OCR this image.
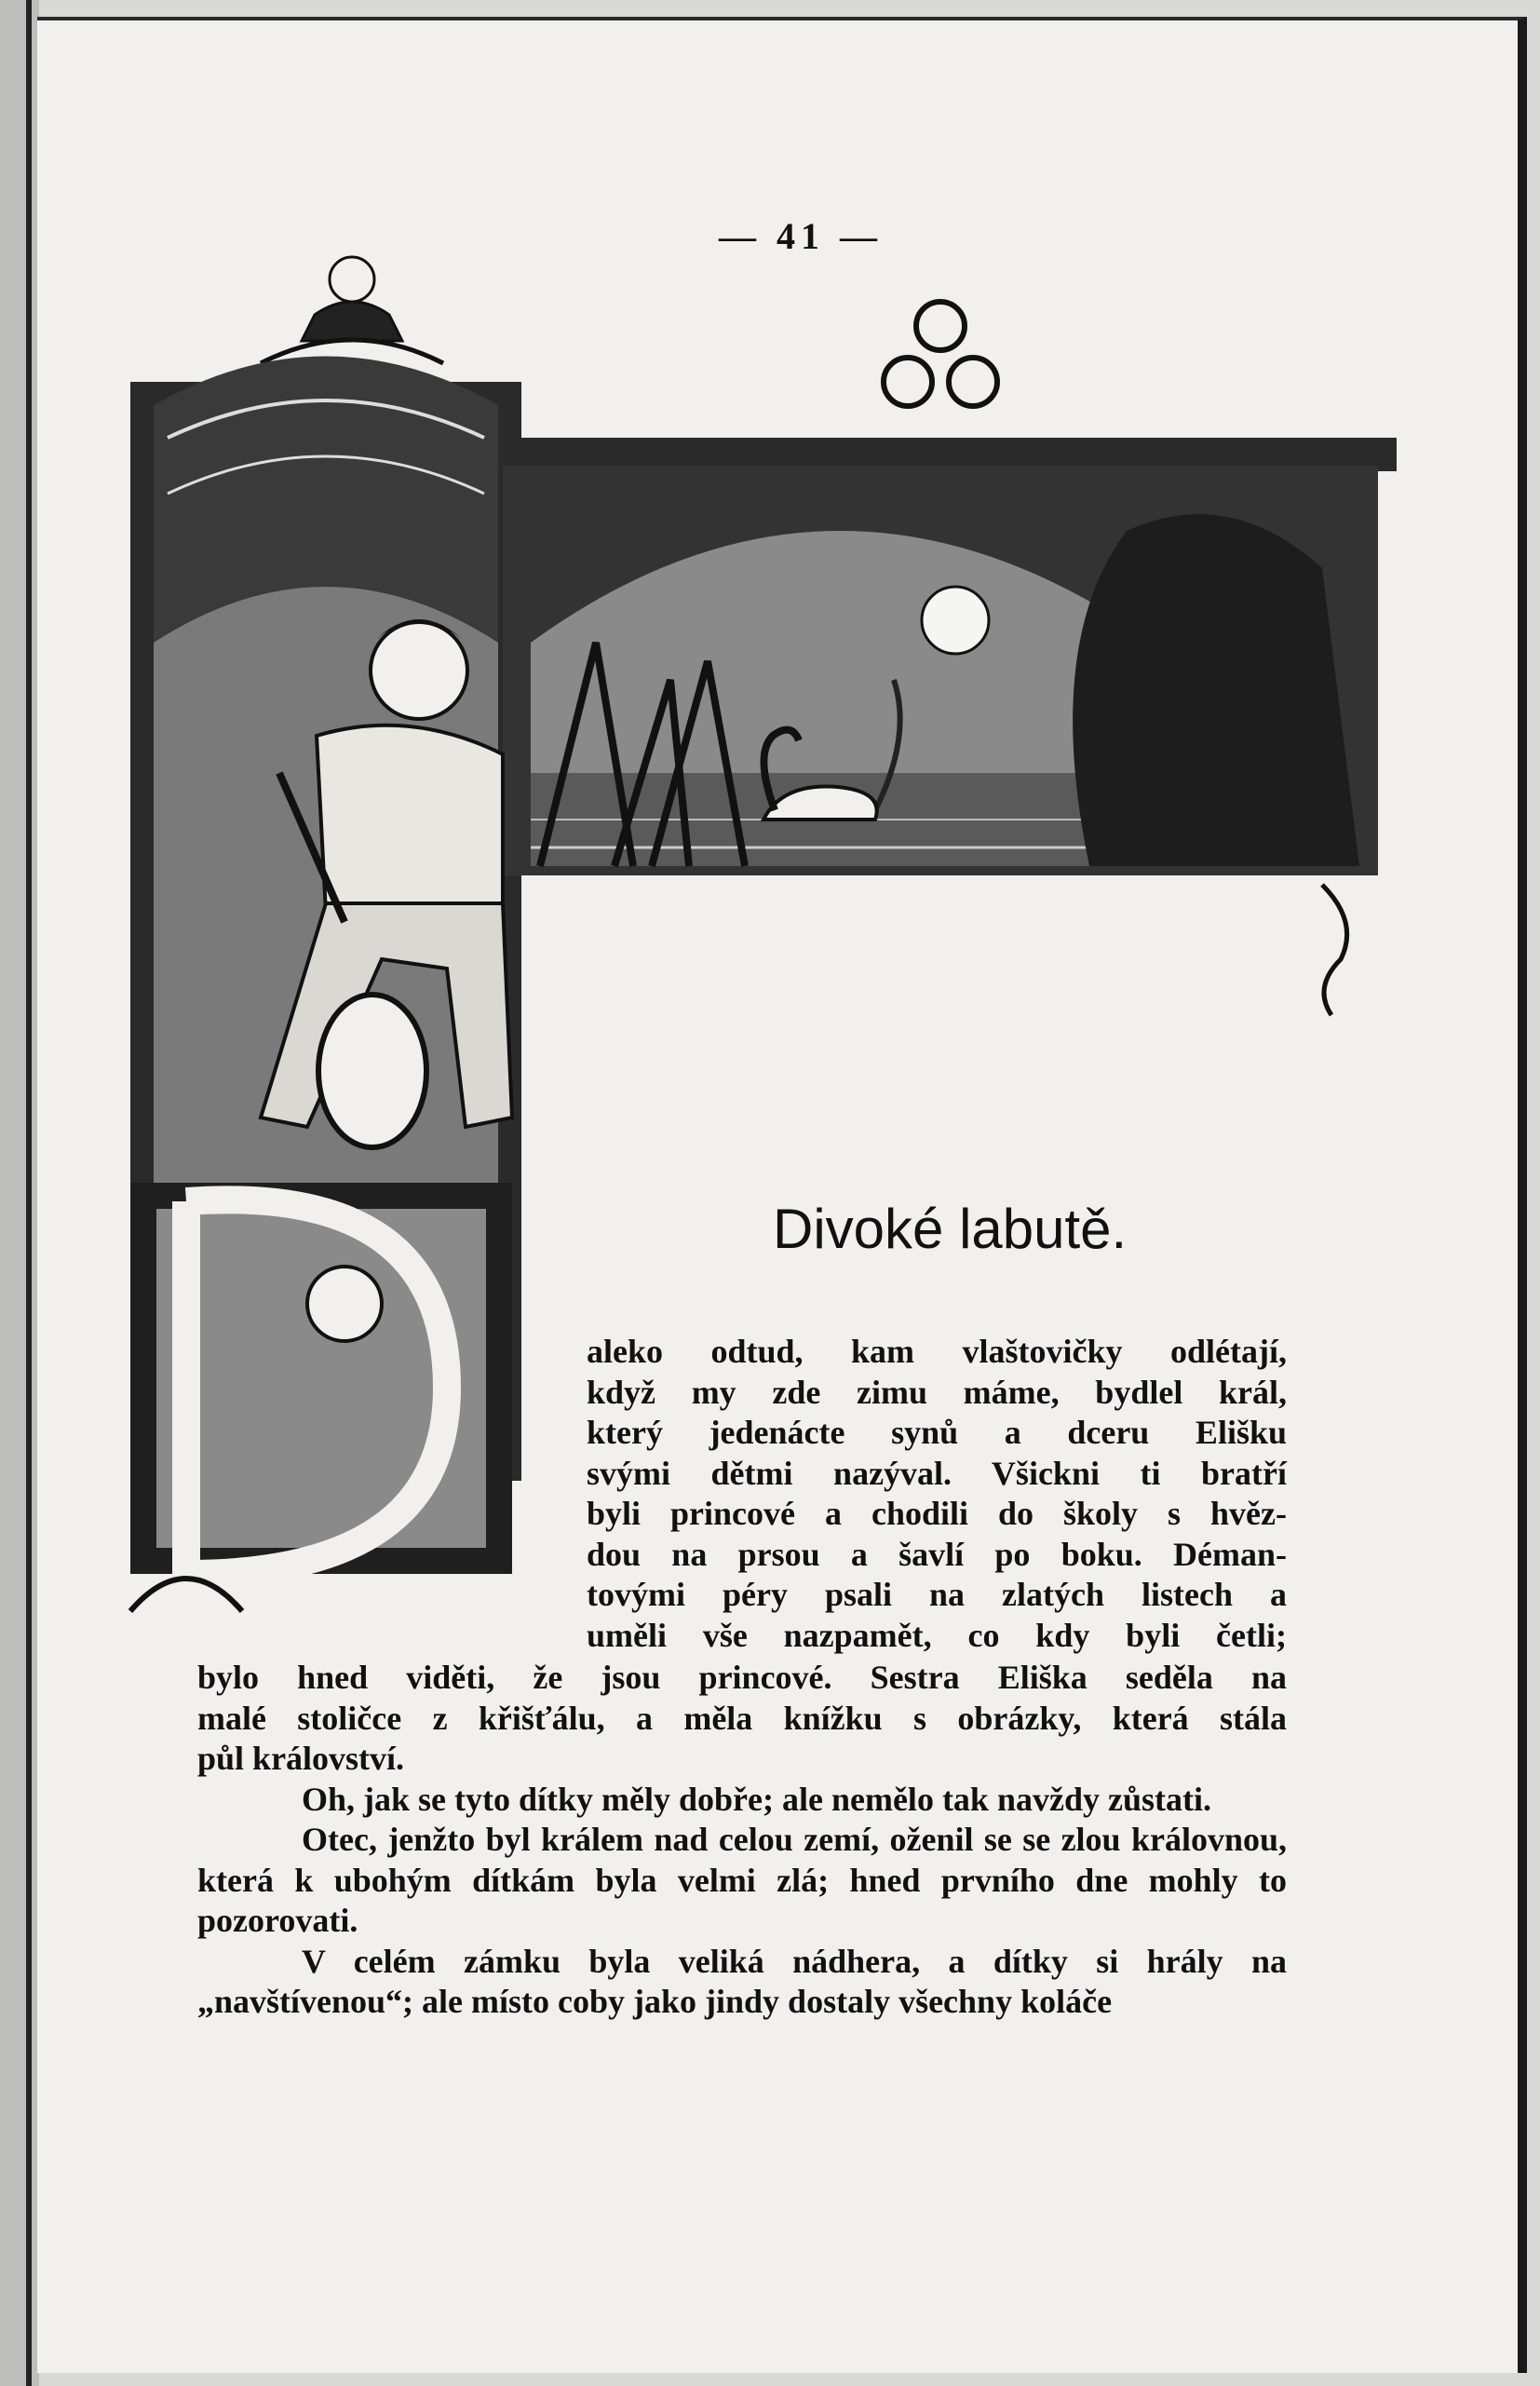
— 41 —
Divoké labutě.

aleko odtud, kam vlaštovičky odlétají,
když my zde zimu máme, bydlel král,
který jedenácte synů a dceru Elišku
svými dětmi nazýval. Všickni ti bratří
byli princové a chodili do školy s hvěz-
dou na prsou a šavlí po boku. Déman-
tovými péry psali na zlatých listech a
uměli vše nazpamět, co kdy byli četli;
bylo hned viděti, že jsou princové. Sestra Eliška seděla na
malé stoličce z křišťálu, a měla knížku s obrázky, která stála
půl království.

Oh, jak se tyto dítky měly dobře; ale nemělo tak navždy zůstati.

Otec, jenžto byl králem nad celou zemí, oženil se se zlou královnou, která k ubohým dítkám byla velmi zlá; hned prvního dne mohly to pozorovati.

V celém zámku byla veliká nádhera, a dítky si hrály na „navštívenou“; ale místo coby jako jindy dostaly všechny koláče
